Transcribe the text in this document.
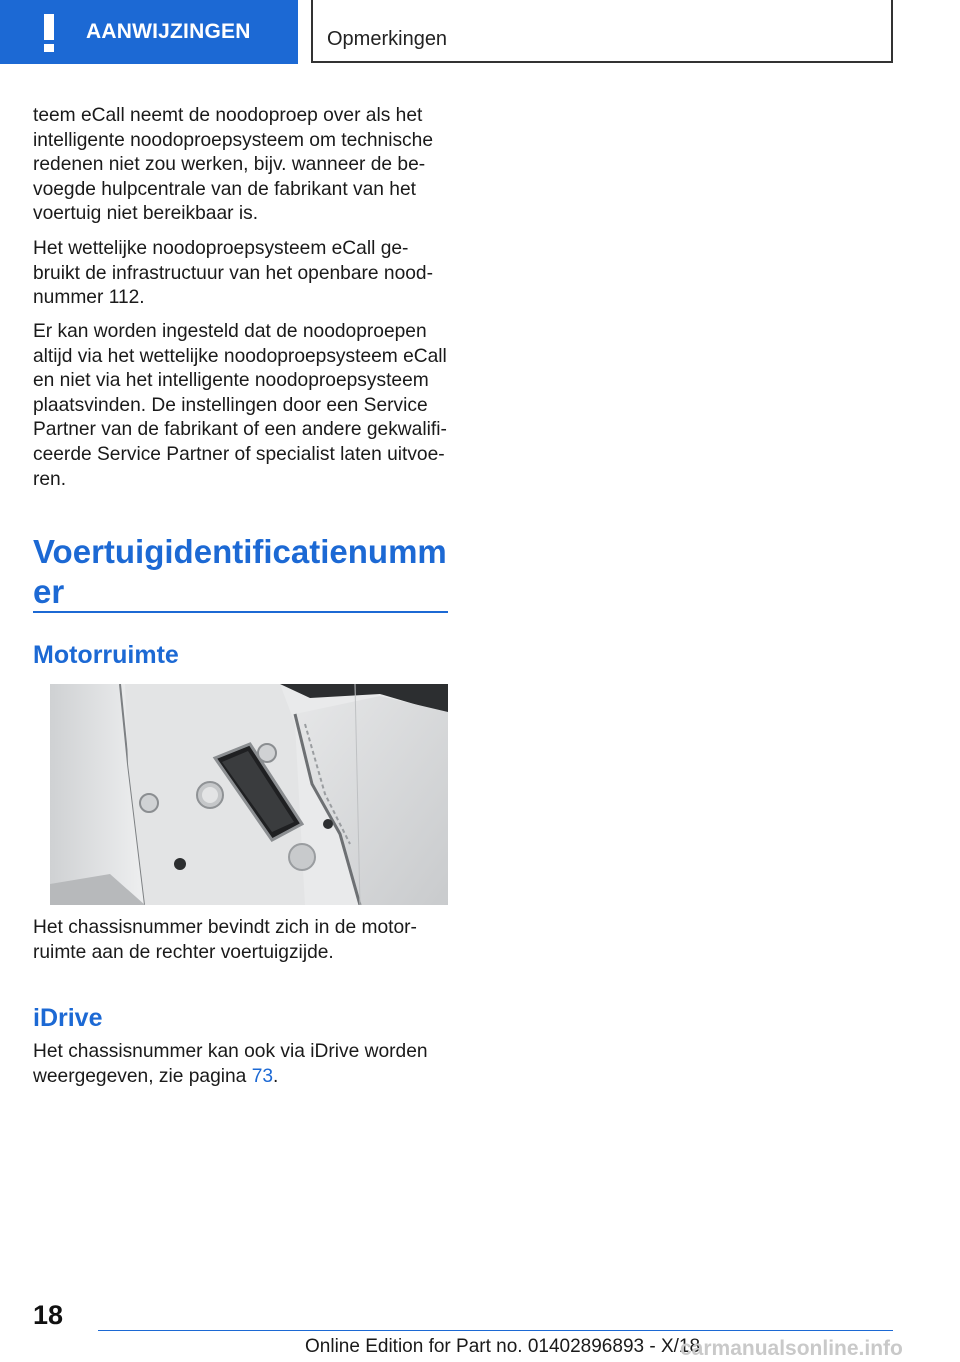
AANWIJZINGEN	Opmerkingen

teem eCall neemt de noodoproep over als het intelligente noodoproepsysteem om technische redenen niet zou werken, bijv. wanneer de be-voegde hulpcentrale van de fabrikant van het voertuig niet bereikbaar is.

Het wettelijke noodoproepsysteem eCall ge-bruikt de infrastructuur van het openbare nood-nummer 112.

Er kan worden ingesteld dat de noodoproepen altijd via het wettelijke noodoproepsysteem eCall en niet via het intelligente noodoproepsysteem plaatsvinden. De instellingen door een Service Partner van de fabrikant of een andere gekwalifi-ceerde Service Partner of specialist laten uitvoe-ren.

Voertuigidentificatienumm er
Motorruimte

Het chassisnummer bevindt zich in de motor-ruimte aan de rechter voertuigzijde.

iDrive

Het chassisnummer kan ook via iDrive worden weergegeven, zie pagina 73.

18
Online Edition for Part no. 01402896893 - X/18
carmanualsonline.info
